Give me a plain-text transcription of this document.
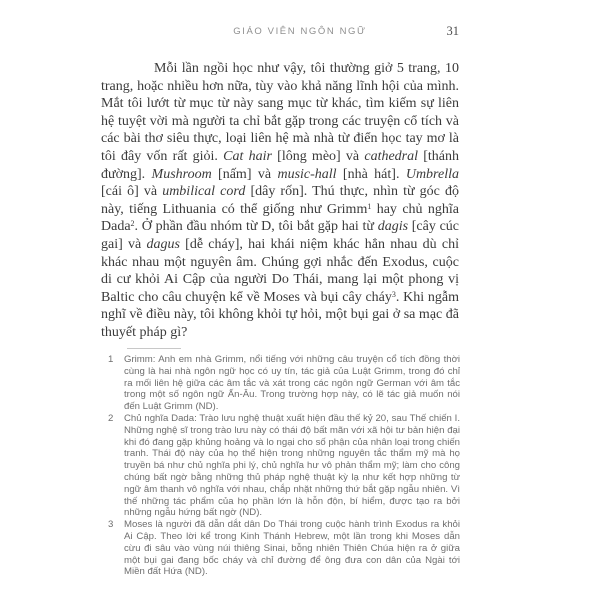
GIÁO VIÊN NGÔN NGỮ	31
Mỗi lần ngồi học như vậy, tôi thường giở 5 trang, 10 trang, hoặc nhiều hơn nữa, tùy vào khả năng lĩnh hội của mình. Mắt tôi lướt từ mục từ này sang mục từ khác, tìm kiếm sự liên hệ tuyệt vời mà người ta chỉ bắt gặp trong các truyện cổ tích và các bài thơ siêu thực, loại liên hệ mà nhà từ điển học tay mơ là tôi đây vốn rất giỏi. Cat hair [lông mèo] và cathedral [thánh đường]. Mushroom [nấm] và music-hall [nhà hát]. Umbrella [cái ô] và umbilical cord [dây rốn]. Thú thực, nhìn từ góc độ này, tiếng Lithuania có thể giống như Grimm$^1$ hay chủ nghĩa Dada$^2$. Ở phần đầu nhóm từ D, tôi bắt gặp hai từ dagis [cây cúc gai] và dagus [dễ cháy], hai khái niệm khác hẳn nhau dù chỉ khác nhau một nguyên âm. Chúng gợi nhắc đến Exodus, cuộc di cư khỏi Ai Cập của người Do Thái, mang lại một phong vị Baltic cho câu chuyện kể về Moses và bụi cây cháy$^3$. Khi ngẫm nghĩ về điều này, tôi không khỏi tự hỏi, một bụi gai ở sa mạc đã thuyết pháp gì?
1 Grimm: Anh em nhà Grimm, nổi tiếng với những câu truyện cổ tích đồng thời cùng là hai nhà ngôn ngữ học có uy tín, tác giả của Luật Grimm, trong đó chỉ ra mối liên hệ giữa các âm tắc và xát trong các ngôn ngữ German với âm tắc trong một số ngôn ngữ Ấn-Âu. Trong trường hợp này, có lẽ tác giả muốn nói đến Luật Grimm (ND).
2 Chủ nghĩa Dada: Trào lưu nghệ thuật xuất hiện đầu thế kỷ 20, sau Thế chiến I. Những nghệ sĩ trong trào lưu này có thái độ bất mãn với xã hội tư bản hiện đại khi đó đang gặp khủng hoảng và lo ngại cho số phận của nhân loại trong chiến tranh. Thái độ này của họ thể hiện trong những nguyên tắc thẩm mỹ mà họ truyền bá như chủ nghĩa phi lý, chủ nghĩa hư vô phản thẩm mỹ; làm cho công chúng bất ngờ bằng những thủ pháp nghệ thuật kỳ lạ như kết hợp những từ ngữ âm thanh vô nghĩa với nhau, chắp nhặt những thứ bắt gặp ngẫu nhiên. Vì thế những tác phẩm của họ phần lớn là hỗn độn, bí hiểm, được tạo ra bởi những ngẫu hứng bất ngờ (ND).
3 Moses là người đã dẫn dắt dân Do Thái trong cuộc hành trình Exodus ra khỏi Ai Cập. Theo lời kể trong Kinh Thánh Hebrew, một lần trong khi Moses dẫn cừu đi sâu vào vùng núi thiêng Sinai, bỗng nhiên Thiên Chúa hiện ra ở giữa một bụi gai đang bốc cháy và chỉ đường để ông đưa con dân của Ngài tới Miền đất Hứa (ND).
